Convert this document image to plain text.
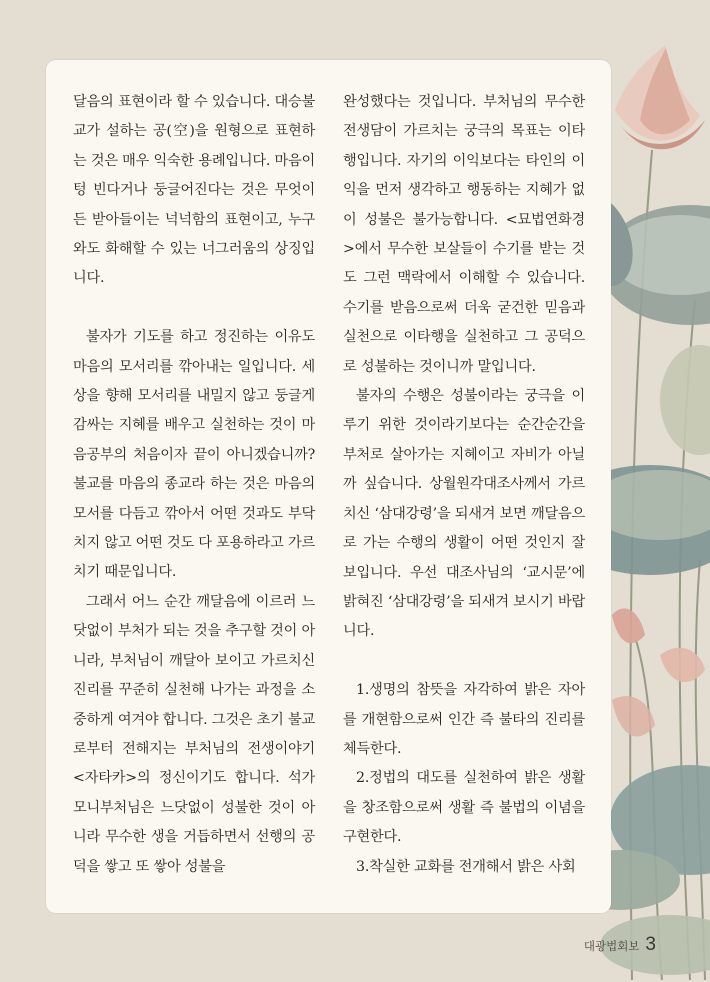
달음의 표현이라 할 수 있습니다. 대승불교가 설하는 공(空)을 원형으로 표현하는 것은 매우 익숙한 용례입니다. 마음이 텅 빈다거나 둥글어진다는 것은 무엇이든 받아들이는 넉넉함의 표현이고, 누구와도 화해할 수 있는 너그러움의 상징입니다.

불자가 기도를 하고 정진하는 이유도 마음의 모서리를 깎아내는 일입니다. 세상을 향해 모서리를 내밀지 않고 둥글게 감싸는 지혜를 배우고 실천하는 것이 마음공부의 처음이자 끝이 아니겠습니까? 불교를 마음의 종교라 하는 것은 마음의 모서를 다듬고 깎아서 어떤 것과도 부닥치지 않고 어떤 것도 다 포용하라고 가르치기 때문입니다.

그래서 어느 순간 깨달음에 이르러 느닷없이 부처가 되는 것을 추구할 것이 아니라, 부처님이 깨달아 보이고 가르치신 진리를 꾸준히 실천해 나가는 과정을 소중하게 여겨야 합니다. 그것은 초기 불교로부터 전해지는 부처님의 전생이야기 <자타카>의 정신이기도 합니다. 석가모니부처님은 느닷없이 성불한 것이 아니라 무수한 생을 거듭하면서 선행의 공덕을 쌓고 또 쌓아 성불을

완성했다는 것입니다. 부처님의 무수한 전생담이 가르치는 궁극의 목표는 이타행입니다. 자기의 이익보다는 타인의 이익을 먼저 생각하고 행동하는 지혜가 없이 성불은 불가능합니다. <묘법연화경>에서 무수한 보살들이 수기를 받는 것도 그런 맥락에서 이해할 수 있습니다. 수기를 받음으로써 더욱 굳건한 믿음과 실천으로 이타행을 실천하고 그 공덕으로 성불하는 것이니까 말입니다.

불자의 수행은 성불이라는 궁극을 이루기 위한 것이라기보다는 순간순간을 부처로 살아가는 지혜이고 자비가 아닐까 싶습니다. 상월원각대조사께서 가르치신 ‘삼대강령’을 되새겨 보면 깨달음으로 가는 수행의 생활이 어떤 것인지 잘 보입니다. 우선 대조사님의 ‘교시문’에 밝혀진 ‘삼대강령’을 되새겨 보시기 바랍니다.

1.생명의 참뜻을 자각하여 밝은 자아를 개현함으로써 인간 즉 불타의 진리를 체득한다.

2.정법의 대도를 실천하여 밝은 생활을 창조함으로써 생활 즉 불법의 이념을 구현한다.

3.착실한 교화를 전개해서 밝은 사회

대광법회보 3
